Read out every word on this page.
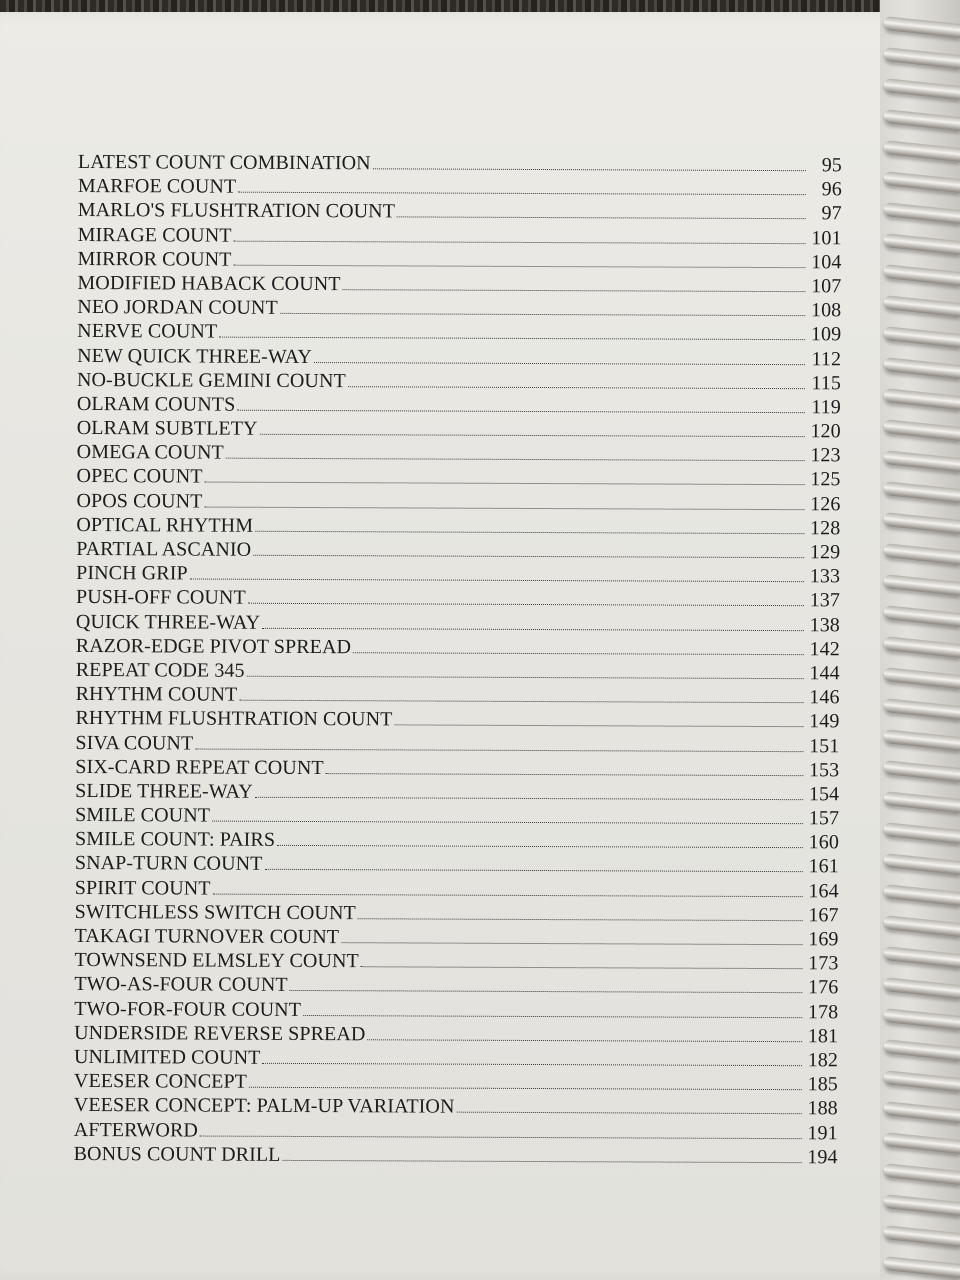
LATEST COUNT COMBINATION	95
MARFOE COUNT	96
MARLO'S FLUSHTRATION COUNT	97
MIRAGE COUNT	101
MIRROR COUNT	104
MODIFIED HABACK COUNT	107
NEO JORDAN COUNT	108
NERVE COUNT	109
NEW QUICK THREE-WAY	112
NO-BUCKLE GEMINI COUNT	115
OLRAM COUNTS	119
OLRAM SUBTLETY	120
OMEGA COUNT	123
OPEC COUNT	125
OPOS COUNT	126
OPTICAL RHYTHM	128
PARTIAL ASCANIO	129
PINCH GRIP	133
PUSH-OFF COUNT	137
QUICK THREE-WAY	138
RAZOR-EDGE PIVOT SPREAD	142
REPEAT CODE 345	144
RHYTHM COUNT	146
RHYTHM FLUSHTRATION COUNT	149
SIVA COUNT	151
SIX-CARD REPEAT COUNT	153
SLIDE THREE-WAY	154
SMILE COUNT	157
SMILE COUNT: PAIRS	160
SNAP-TURN COUNT	161
SPIRIT COUNT	164
SWITCHLESS SWITCH COUNT	167
TAKAGI TURNOVER COUNT	169
TOWNSEND ELMSLEY COUNT	173
TWO-AS-FOUR COUNT	176
TWO-FOR-FOUR COUNT	178
UNDERSIDE REVERSE SPREAD	181
UNLIMITED COUNT	182
VEESER CONCEPT	185
VEESER CONCEPT: PALM-UP VARIATION	188
AFTERWORD	191
BONUS COUNT DRILL	194
